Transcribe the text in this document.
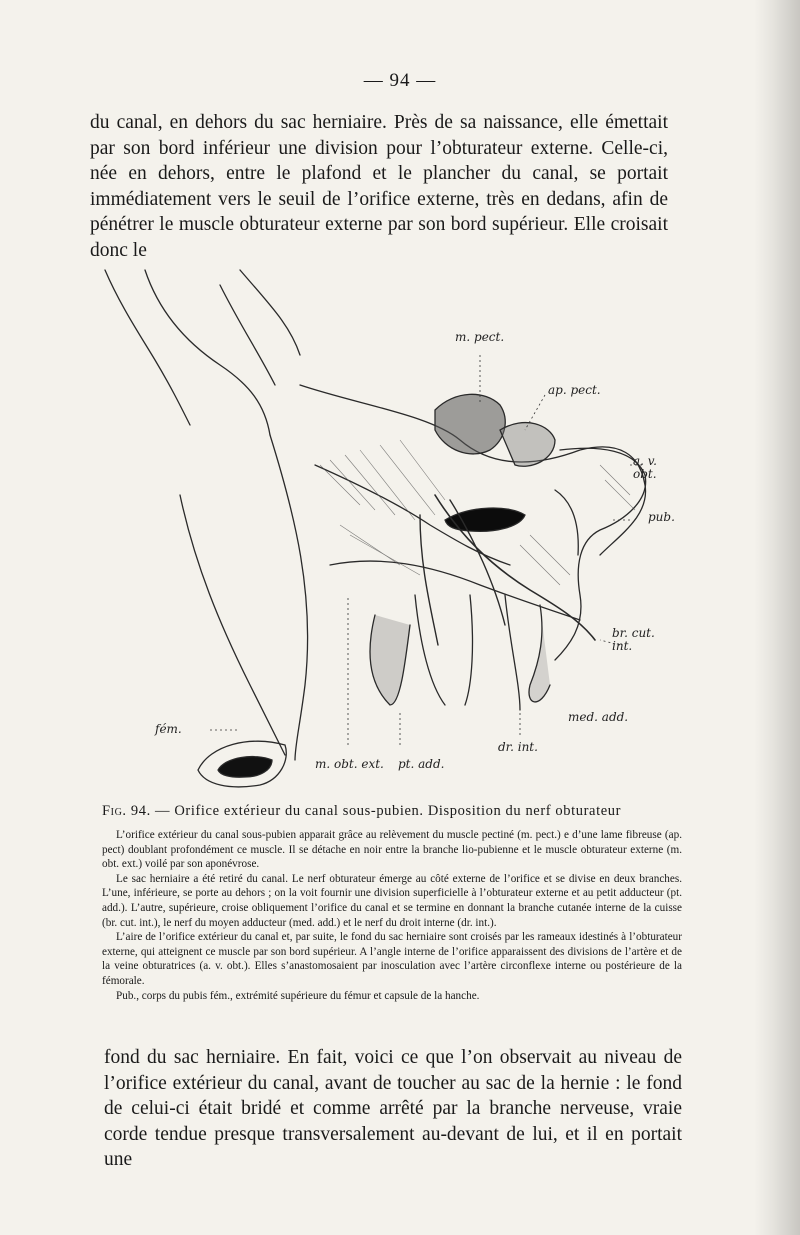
— 94 —

du canal, en dehors du sac herniaire. Près de sa naissance, elle émettait par son bord inférieur une division pour l’obturateur externe. Celle-ci, née en dehors, entre le plafond et le plancher du canal, se portait immédiatement vers le seuil de l’orifice externe, très en dedans, afin de pénétrer le muscle obturateur externe par son bord supérieur. Elle croisait donc le

m. pect.
ap. pect.
a. v. obt.
pub.
br. cut. int.
med. add.
dr. int.
pt. add.
m. obt. ext.
fém.

Fig. 94. — Orifice extérieur du canal sous-pubien. Disposition du nerf obturateur

L’orifice extérieur du canal sous-pubien apparait grâce au relèvement du muscle pectiné (m. pect.) e d’une lame fibreuse (ap. pect) doublant profondément ce muscle. Il se détache en noir entre la branche lio-pubienne et le muscle obturateur externe (m. obt. ext.) voilé par son aponévrose.

Le sac herniaire a été retiré du canal. Le nerf obturateur émerge au côté externe de l’orifice et se divise en deux branches. L’une, inférieure, se porte au dehors ; on la voit fournir une division superficielle à l’obturateur externe et au petit adducteur (pt. add.). L’autre, supérieure, croise obliquement l’orifice du canal et se termine en donnant la branche cutanée interne de la cuisse (br. cut. int.), le nerf du moyen adducteur (med. add.) et le nerf du droit interne (dr. int.).

L’aire de l’orifice extérieur du canal et, par suite, le fond du sac herniaire sont croisés par les rameaux idestinés à l’obturateur externe, qui atteignent ce muscle par son bord supérieur. A l’angle interne de l’orifice apparaissent des divisions de l’artère et de la veine obturatrices (a. v. obt.). Elles s’anastomosaient par inosculation avec l’artère circonflexe interne ou postérieure de la fémorale.

Pub., corps du pubis fém., extrémité supérieure du fémur et capsule de la hanche.

fond du sac herniaire. En fait, voici ce que l’on observait au niveau de l’orifice extérieur du canal, avant de toucher au sac de la hernie : le fond de celui-ci était bridé et comme arrêté par la branche nerveuse, vraie corde tendue presque transversalement au-devant de lui, et il en portait une
